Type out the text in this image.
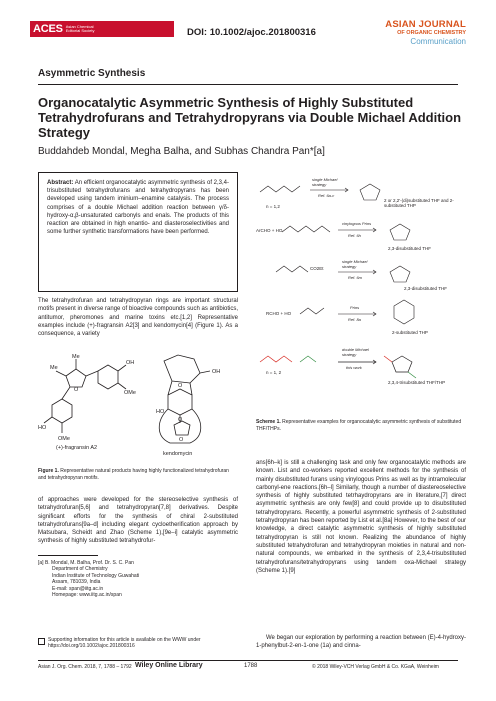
ACES Asian Chemical
Editorial Society	DOI: 10.1002/ajoc.201800316
ASIAN JOURNAL
OF ORGANIC CHEMISTRY
Communication
Asymmetric Synthesis
Organocatalytic Asymmetric Synthesis of Highly Substituted Tetrahydrofurans and Tetrahydropyrans via Double Michael Addition Strategy
Buddahdeb Mondal, Megha Balha, and Subhas Chandra Pan*[a]

Abstract: An efficient organocatalytic asymmetric synthesis of 2,3,4-trisubstituted tetrahydrofurans and tetrahydropyrans has been developed using tandem iminium–enamine catalysis. The process comprises of a double Michael addition reaction between γ/δ-hydroxy-α,β-unsaturated carbonyls and enals. The products of this reaction are obtained in high enantio- and diasteroselectivities and some further synthetic transformations have been performed.

The tetrahydrofuran and tetrahydropyran rings are important structural motifs present in diverse range of bioactive compounds such as antibiotics, antitumor, pheromones and marine toxins etc.[1,2] Representative examples include (+)-fragransin A2[3] and kendomycin[4] (Figure 1). As a consequence, a variety

Me
Me
OMe
HO
OMe
O
OH
HO
O
O
OH
O
(+)-fragransin A2
kendomycin
Figure 1. Representative natural products having highly functionalized tetrahydrofuran and tetrahydropyran motifs.

of approaches were developed for the stereoselective synthesis of tetrahydrofuran[5,6] and tetrahydropyran[7,8] derivatives. Despite significant efforts for the synthesis of chiral 2-substituted tetrahydrofurans[9a–d] including elegant cycloetherification approach by Matsubara, Scheidt and Zhao (Scheme 1),[9e–i] catalytic asymmetric synthesis of highly substituted tetrahydrofur-

n = 1,2
single Michael strategy
Ref. 6a-c
2 or 2,2'-(di)substituted THF and 2-substituted THP
ArCHO + HO
vinylogous Prins
Ref. 6h
2,3-disubstituted THF
CO2Et
single Michael strategy
Ref. 6m
2,3-disubstituted THF
RCHO + HO
Prins
Ref. 8a
2-substituted THP
n = 1, 2
double Michael strategy
this work
2,3,4-trisubstituted THF/THP
Scheme 1. Representative examples for organocatalytic asymmetric synthesis of substituted THF/THPs.

ans[6h–k] is still a challenging task and only few organocatalytic methods are known. List and co-workers reported excellent methods for the synthesis of mainly disubstituted furans using vinylogous Prins as well as by intramolecular carbonyl-ene reactions.[6h–l] Similarly, though a number of diastereoselective synthesis of highly substituted tetrhaydropyrans are in literature,[7] direct asymmetric synthesis are only few[8] and could provide up to disubstituted tetrahydropyrans. Recently, a powerful asymmetric synthesis of 2-substituted tetrahydropyran has been reported by List et al.[8a] However, to the best of our knowledge, a direct catalytic asymmetric synthesis of highly substituted tetrahydropyran is still not known. Realizing the abundance of highly substituted tetrahydrofuran and tetrahydropyran moieties in natural and non-natural compounds, we embarked in the synthesis of 2,3,4-trisubstituted tetrahydrofurans/tetrahydropyrans using tandem oxa-Michael strategy (Scheme 1).[9]

We began our exploration by performing a reaction between (E)-4-hydroxy-1-phenylbut-2-en-1-one (1a) and cinna-

[a] B. Mondal, M. Balha, Prof. Dr. S. C. Pan
Department of Chemistry
Indian Institute of Technology Guwahati
Assam, 781039, India
E-mail: span@iitg.ac.in
Homepage: www.iitg.ac.in/span
Supporting information for this article is available on the WWW under https://doi.org/10.1002/ajoc.201800316
Asian J. Org. Chem. 2018, 7, 1788 – 1792 Wiley Online Library	1788	© 2018 Wiley-VCH Verlag GmbH & Co. KGaA, Weinheim
